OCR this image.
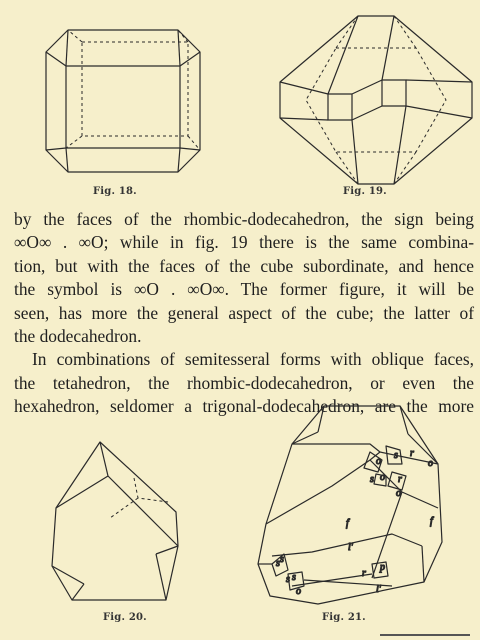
Fig. 18.	Fig. 19.

by the faces of the rhombic-dodecahedron, the sign being

∞O∞ . ∞O; while in fig. 19 there is the same combina-

tion, but with the faces of the cube subordinate, and hence

the symbol is ∞O . ∞O∞. The former figure, it will be

seen, has more the general aspect of the cube; the latter of

the dodecahedron.

In combinations of semitesseral forms with oblique faces,

the tetahedron, the rhombic-dodecahedron, or even the

hexahedron, seldomer a trigonal-dodecahedron, are the more

Fig. 20.
r
o
s
r
o
s
o
f
l'
f
s s
s
s
o
r
p
l'
o
Fig. 21.
